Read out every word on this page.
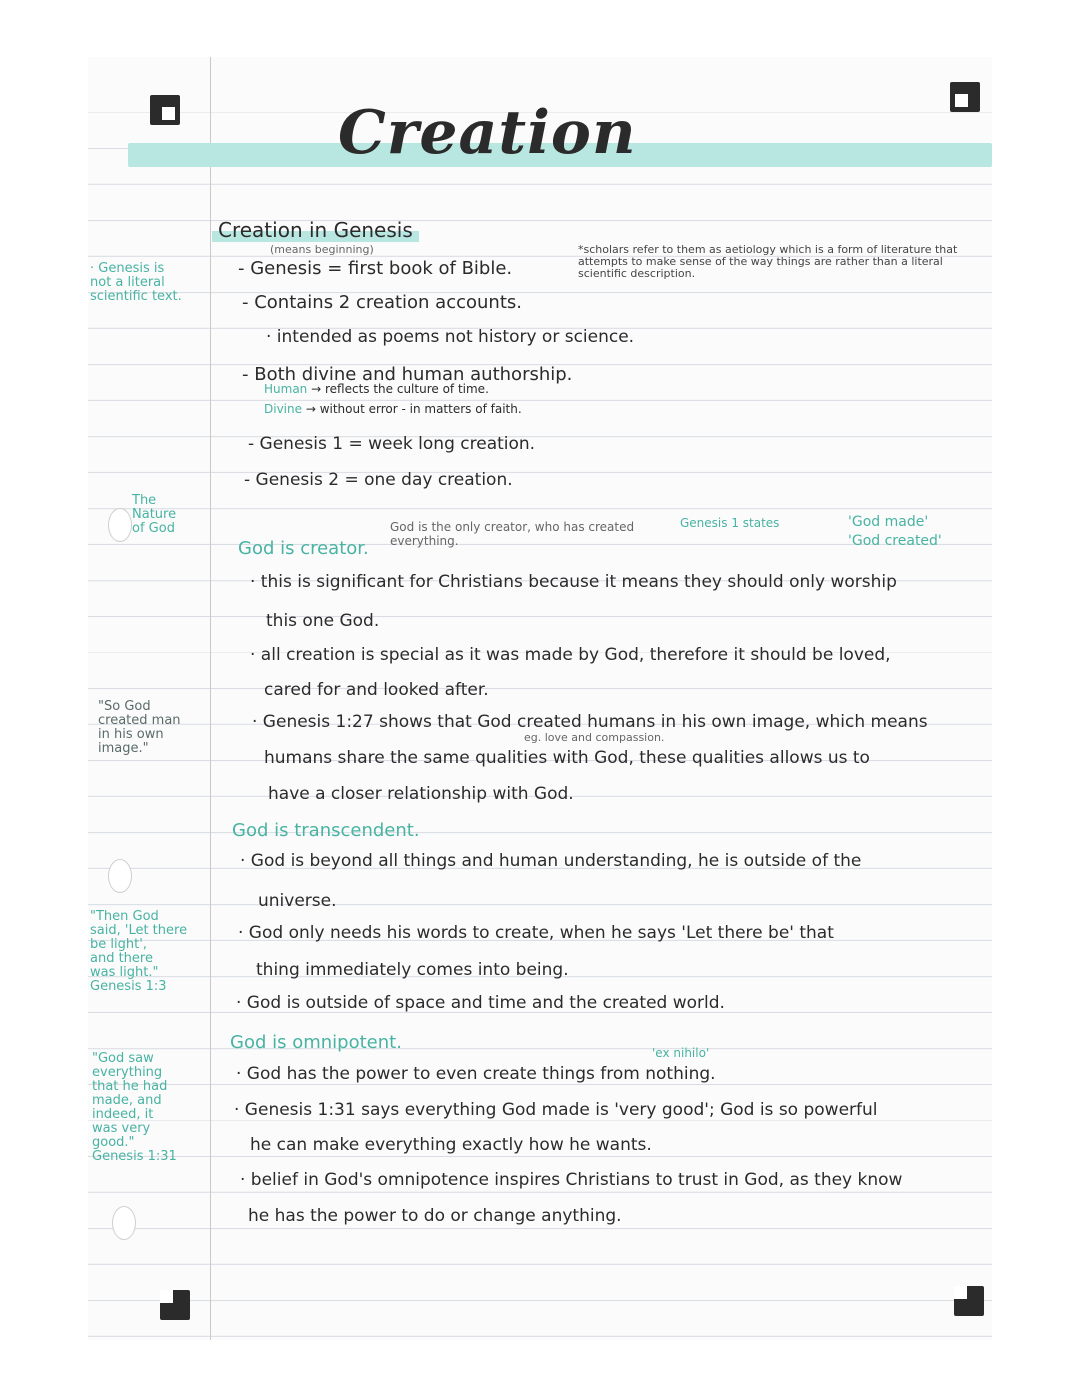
Creation
Creation in Genesis
(means beginning)
- Genesis = first book of Bible.
*scholars refer to them as aetiology which is a form of literature that attempts to make sense of the way things are rather than a literal scientific description.
- Contains 2 creation accounts.
· intended as poems not history or science.
- Both divine and human authorship.
Human → reflects the culture of time.
Divine → without error - in matters of faith.
- Genesis 1 = week long creation.
- Genesis 2 = one day creation.
God is creator.
God is the only creator, who has created everything.
Genesis 1 states	'God made'
'God created'
· this is significant for Christians because it means they should only worship
this one God.
· all creation is special as it was made by God, therefore it should be loved,
cared for and looked after.
· Genesis 1:27 shows that God created humans in his own image, which means
eg. love and compassion.
humans share the same qualities with God, these qualities allows us to
have a closer relationship with God.
God is transcendent.
· God is beyond all things and human understanding, he is outside of the
universe.
· God only needs his words to create, when he says 'Let there be' that
thing immediately comes into being.
· God is outside of space and time and the created world.
God is omnipotent.	'ex nihilo'
· God has the power to even create things from nothing.
· Genesis 1:31 says everything God made is 'very good'; God is so powerful
he can make everything exactly how he wants.
· belief in God's omnipotence inspires Christians to trust in God, as they know
he has the power to do or change anything.
· Genesis is
not a literal
scientific text.
The
Nature
of God
"So God
created man
in his own
image."
"Then God
said, 'Let there
be light',
and there
was light."
Genesis 1:3
"God saw
everything
that he had
made, and
indeed, it
was very
good."
Genesis 1:31
